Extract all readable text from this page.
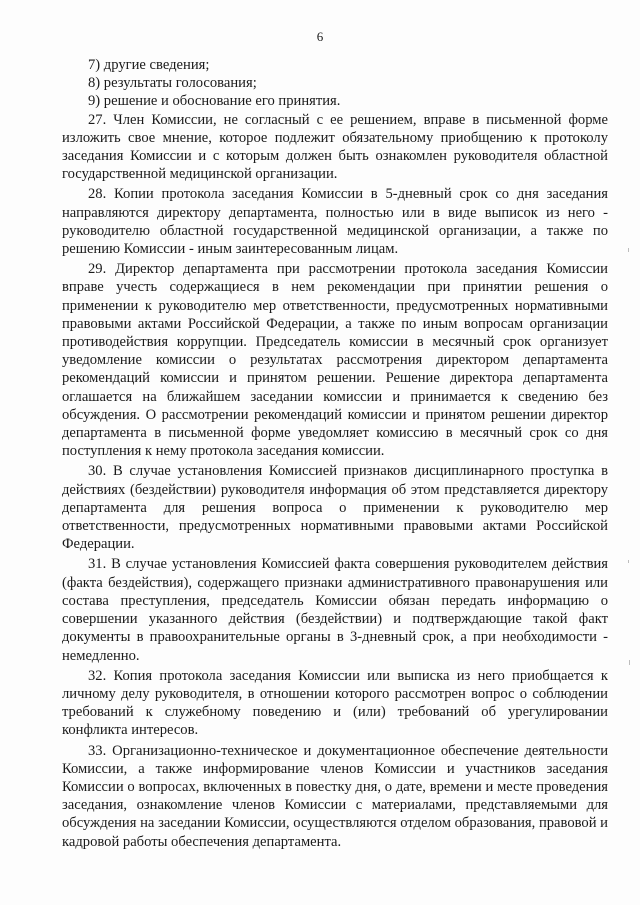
6

7) другие сведения;

8) результаты голосования;

9) решение и обоснование его принятия.

27. Член Комиссии, не согласный с ее решением, вправе в письменной форме изложить свое мнение, которое подлежит обязательному приобщению к протоколу заседания Комиссии и с которым должен быть ознакомлен руководителя областной государственной медицинской организации.

28. Копии протокола заседания Комиссии в 5-дневный срок со дня заседания направляются директору департамента, полностью или в виде выписок из него - руководителю областной государственной медицинской организации, а также по решению Комиссии - иным заинтересованным лицам.

29. Директор департамента при рассмотрении протокола заседания Комиссии вправе учесть содержащиеся в нем рекомендации при принятии решения о применении к руководителю мер ответственности, предусмотренных нормативными правовыми актами Российской Федерации, а также по иным вопросам организации противодействия коррупции. Председатель комиссии в месячный срок организует уведомление комиссии о результатах рассмотрения директором департамента рекомендаций комиссии и принятом решении. Решение директора департамента оглашается на ближайшем заседании комиссии и принимается к сведению без обсуждения. О рассмотрении рекомендаций комиссии и принятом решении директор департамента в письменной форме уведомляет комиссию в месячный срок со дня поступления к нему протокола заседания комиссии.

30. В случае установления Комиссией признаков дисциплинарного проступка в действиях (бездействии) руководителя информация об этом представляется директору департамента для решения вопроса о применении к руководителю мер ответственности, предусмотренных нормативными правовыми актами Российской Федерации.

31. В случае установления Комиссией факта совершения руководителем действия (факта бездействия), содержащего признаки административного правонарушения или состава преступления, председатель Комиссии обязан передать информацию о совершении указанного действия (бездействии) и подтверждающие такой факт документы в правоохранительные органы в 3-дневный срок, а при необходимости - немедленно.

32. Копия протокола заседания Комиссии или выписка из него приобщается к личному делу руководителя, в отношении которого рассмотрен вопрос о соблюдении требований к служебному поведению и (или) требований об урегулировании конфликта интересов.

33. Организационно-техническое и документационное обеспечение деятельности Комиссии, а также информирование членов Комиссии и участников заседания Комиссии о вопросах, включенных в повестку дня, о дате, времени и месте проведения заседания, ознакомление членов Комиссии с материалами, представляемыми для обсуждения на заседании Комиссии, осуществляются отделом образования, правовой и кадровой работы обеспечения департамента.
